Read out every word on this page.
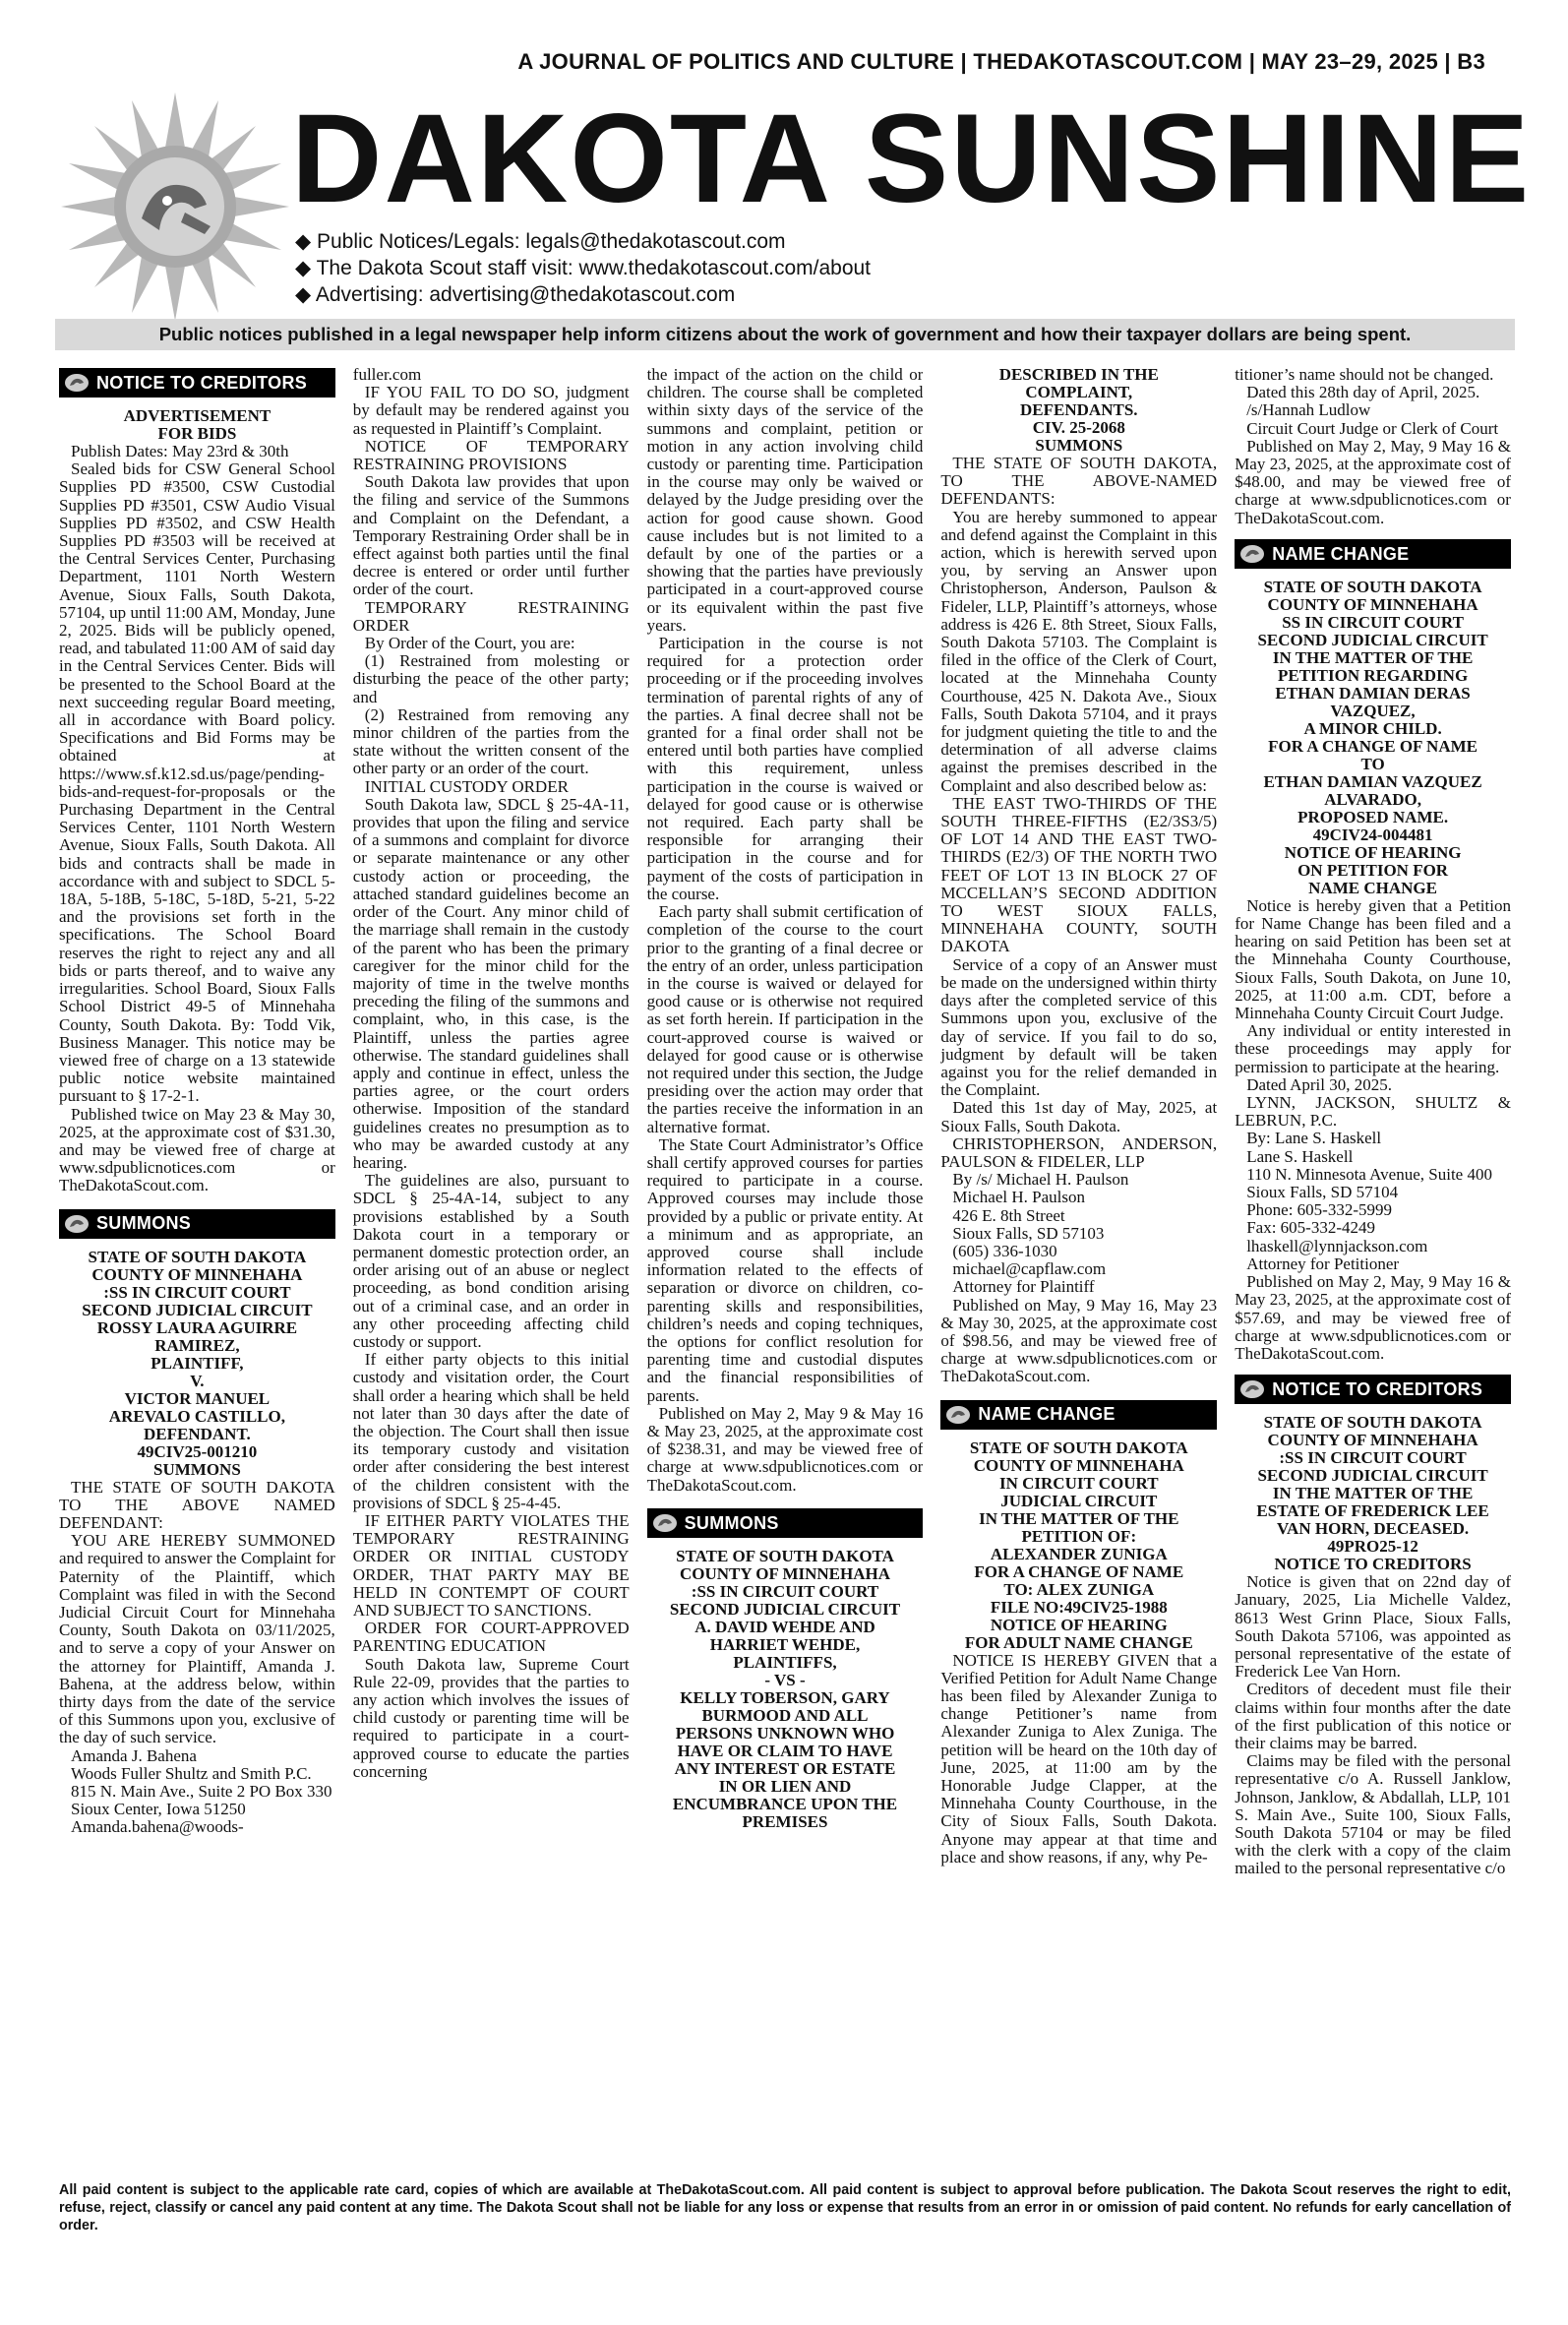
A JOURNAL OF POLITICS AND CULTURE | THEDAKOTASCOUT.COM | MAY 23–29, 2025 | B3
DAKOTA SUNSHINE
◆ Public Notices/Legals: legals@thedakotascout.com
◆ The Dakota Scout staff visit: www.thedakotascout.com/about
◆ Advertising: advertising@thedakotascout.com
Public notices published in a legal newspaper help inform citizens about the work of government and how their taxpayer dollars are being spent.
NOTICE TO CREDITORS

ADVERTISEMENT

FOR BIDS

Publish Dates: May 23rd & 30th

Sealed bids for CSW General School Supplies PD #3500, CSW Custodial Supplies PD #3501, CSW Audio Visual Supplies PD #3502, and CSW Health Supplies PD #3503 will be received at the Central Services Center, Purchasing Department, 1101 North Western Avenue, Sioux Falls, South Dakota, 57104, up until 11:00 AM, Monday, June 2, 2025. Bids will be publicly opened, read, and tabulated 11:00 AM of said day in the Central Services Center. Bids will be presented to the School Board at the next succeeding regular Board meeting, all in accordance with Board policy. Specifications and Bid Forms may be obtained at https://www.sf.k12.sd.us/page/pending-bids-and-request-for-proposals or the Purchasing Department in the Central Services Center, 1101 North Western Avenue, Sioux Falls, South Dakota. All bids and contracts shall be made in accordance with and subject to SDCL 5-18A, 5-18B, 5-18C, 5-18D, 5-21, 5-22 and the provisions set forth in the specifications. The School Board reserves the right to reject any and all bids or parts thereof, and to waive any irregularities. School Board, Sioux Falls School District 49-5 of Minnehaha County, South Dakota. By: Todd Vik, Business Manager. This notice may be viewed free of charge on a 13 statewide public notice website maintained pursuant to § 17-2-1.

Published twice on May 23 & May 30, 2025, at the approximate cost of $31.30, and may be viewed free of charge at www.sdpublicnotices.com or TheDakotaScout.com.

SUMMONS

STATE OF SOUTH DAKOTA

COUNTY OF MINNEHAHA

:SS IN CIRCUIT COURT

SECOND JUDICIAL CIRCUIT

ROSSY LAURA AGUIRRE

RAMIREZ,

PLAINTIFF,

V.

VICTOR MANUEL

AREVALO CASTILLO,

DEFENDANT.

49CIV25-001210

SUMMONS

THE STATE OF SOUTH DAKOTA TO THE ABOVE NAMED DEFENDANT:

YOU ARE HEREBY SUMMONED and required to answer the Complaint for Paternity of the Plaintiff, which Complaint was filed in with the Second Judicial Circuit Court for Minnehaha County, South Dakota on 03/11/2025, and to serve a copy of your Answer on the attorney for Plaintiff, Amanda J. Bahena, at the address below, within thirty days from the date of the service of this Summons upon you, exclusive of the day of such service.

Amanda J. Bahena

Woods Fuller Shultz and Smith P.C.

815 N. Main Ave., Suite 2 PO Box 330

Sioux Center, Iowa 51250

Amanda.bahena@woods-

fuller.com

IF YOU FAIL TO DO SO, judgment by default may be rendered against you as requested in Plaintiff’s Complaint.

NOTICE OF TEMPORARY RESTRAINING PROVISIONS

South Dakota law provides that upon the filing and service of the Summons and Complaint on the Defendant, a Temporary Restraining Order shall be in effect against both parties until the final decree is entered or order until further order of the court.

TEMPORARY RESTRAINING ORDER

By Order of the Court, you are:

(1) Restrained from molesting or disturbing the peace of the other party; and

(2) Restrained from removing any minor children of the parties from the state without the written consent of the other party or an order of the court.

INITIAL CUSTODY ORDER

South Dakota law, SDCL § 25-4A-11, provides that upon the filing and service of a summons and complaint for divorce or separate maintenance or any other custody action or proceeding, the attached standard guidelines become an order of the Court. Any minor child of the marriage shall remain in the custody of the parent who has been the primary caregiver for the minor child for the majority of time in the twelve months preceding the filing of the summons and complaint, who, in this case, is the Plaintiff, unless the parties agree otherwise. The standard guidelines shall apply and continue in effect, unless the parties agree, or the court orders otherwise. Imposition of the standard guidelines creates no presumption as to who may be awarded custody at any hearing.

The guidelines are also, pursuant to SDCL § 25-4A-14, subject to any provisions established by a South Dakota court in a temporary or permanent domestic protection order, an order arising out of an abuse or neglect proceeding, as bond condition arising out of a criminal case, and an order in any other proceeding affecting child custody or support.

If either party objects to this initial custody and visitation order, the Court shall order a hearing which shall be held not later than 30 days after the date of the objection. The Court shall then issue its temporary custody and visitation order after considering the best interest of the children consistent with the provisions of SDCL § 25-4-45.

IF EITHER PARTY VIOLATES THE TEMPORARY RESTRAINING ORDER OR INITIAL CUSTODY ORDER, THAT PARTY MAY BE HELD IN CONTEMPT OF COURT AND SUBJECT TO SANCTIONS.

ORDER FOR COURT-APPROVED PARENTING EDUCATION

South Dakota law, Supreme Court Rule 22-09, provides that the parties to any action which involves the issues of child custody or parenting time will be required to participate in a court-approved course to educate the parties concerning

the impact of the action on the child or children. The course shall be completed within sixty days of the service of the summons and complaint, petition or motion in any action involving child custody or parenting time. Participation in the course may only be waived or delayed by the Judge presiding over the action for good cause shown. Good cause includes but is not limited to a default by one of the parties or a showing that the parties have previously participated in a court-approved course or its equivalent within the past five years.

Participation in the course is not required for a protection order proceeding or if the proceeding involves termination of parental rights of any of the parties. A final decree shall not be granted for a final order shall not be entered until both parties have complied with this requirement, unless participation in the course is waived or delayed for good cause or is otherwise not required. Each party shall be responsible for arranging their participation in the course and for payment of the costs of participation in the course.

Each party shall submit certification of completion of the course to the court prior to the granting of a final decree or the entry of an order, unless participation in the course is waived or delayed for good cause or is otherwise not required as set forth herein. If participation in the court-approved course is waived or delayed for good cause or is otherwise not required under this section, the Judge presiding over the action may order that the parties receive the information in an alternative format.

The State Court Administrator’s Office shall certify approved courses for parties required to participate in a course. Approved courses may include those provided by a public or private entity. At a minimum and as appropriate, an approved course shall include information related to the effects of separation or divorce on children, co-parenting skills and responsibilities, children’s needs and coping techniques, the options for conflict resolution for parenting time and custodial disputes and the financial responsibilities of parents.

Published on May 2, May 9 & May 16 & May 23, 2025, at the approximate cost of $238.31, and may be viewed free of charge at www.sdpublicnotices.com or TheDakotaScout.com.

SUMMONS

STATE OF SOUTH DAKOTA

COUNTY OF MINNEHAHA

:SS IN CIRCUIT COURT

SECOND JUDICIAL CIRCUIT

A. DAVID WEHDE AND

HARRIET WEHDE,

PLAINTIFFS,

- VS -

KELLY TOBERSON, GARY

BURMOOD AND ALL

PERSONS UNKNOWN WHO

HAVE OR CLAIM TO HAVE

ANY INTEREST OR ESTATE

IN OR LIEN AND

ENCUMBRANCE UPON THE

PREMISES

DESCRIBED IN THE

COMPLAINT,

DEFENDANTS.

CIV. 25-2068

SUMMONS

THE STATE OF SOUTH DAKOTA, TO THE ABOVE-NAMED DEFENDANTS:

You are hereby summoned to appear and defend against the Complaint in this action, which is herewith served upon you, by serving an Answer upon Christopherson, Anderson, Paulson & Fideler, LLP, Plaintiff’s attorneys, whose address is 426 E. 8th Street, Sioux Falls, South Dakota 57103. The Complaint is filed in the office of the Clerk of Court, located at the Minnehaha County Courthouse, 425 N. Dakota Ave., Sioux Falls, South Dakota 57104, and it prays for judgment quieting the title to and the determination of all adverse claims against the premises described in the Complaint and also described below as:

THE EAST TWO-THIRDS OF THE SOUTH THREE-FIFTHS (E2/3S3/5) OF LOT 14 AND THE EAST TWO-THIRDS (E2/3) OF THE NORTH TWO FEET OF LOT 13 IN BLOCK 27 OF MCCELLAN’S SECOND ADDITION TO WEST SIOUX FALLS, MINNEHAHA COUNTY, SOUTH DAKOTA

Service of a copy of an Answer must be made on the undersigned within thirty days after the completed service of this Summons upon you, exclusive of the day of service. If you fail to do so, judgment by default will be taken against you for the relief demanded in the Complaint.

Dated this 1st day of May, 2025, at Sioux Falls, South Dakota.

CHRISTOPHERSON, ANDERSON, PAULSON & FIDELER, LLP

By /s/ Michael H. Paulson

Michael H. Paulson

426 E. 8th Street

Sioux Falls, SD 57103

(605) 336-1030

michael@capflaw.com

Attorney for Plaintiff

Published on May, 9 May 16, May 23 & May 30, 2025, at the approximate cost of $98.56, and may be viewed free of charge at www.sdpublicnotices.com or TheDakotaScout.com.

NAME CHANGE

STATE OF SOUTH DAKOTA

COUNTY OF MINNEHAHA

IN CIRCUIT COURT

JUDICIAL CIRCUIT

IN THE MATTER OF THE

PETITION OF:

ALEXANDER ZUNIGA

FOR A CHANGE OF NAME

TO: ALEX ZUNIGA

FILE NO:49CIV25-1988

NOTICE OF HEARING

FOR ADULT NAME CHANGE

NOTICE IS HEREBY GIVEN that a Verified Petition for Adult Name Change has been filed by Alexander Zuniga to change Petitioner’s name from Alexander Zuniga to Alex Zuniga. The petition will be heard on the 10th day of June, 2025, at 11:00 am by the Honorable Judge Clapper, at the Minnehaha County Courthouse, in the City of Sioux Falls, South Dakota. Anyone may appear at that time and place and show reasons, if any, why Pe-

titioner’s name should not be changed.

Dated this 28th day of April, 2025.

/s/Hannah Ludlow

Circuit Court Judge or Clerk of Court

Published on May 2, May, 9 May 16 & May 23, 2025, at the approximate cost of $48.00, and may be viewed free of charge at www.sdpublicnotices.com or TheDakotaScout.com.

NAME CHANGE

STATE OF SOUTH DAKOTA

COUNTY OF MINNEHAHA

SS IN CIRCUIT COURT

SECOND JUDICIAL CIRCUIT

IN THE MATTER OF THE

PETITION REGARDING

ETHAN DAMIAN DERAS

VAZQUEZ,

A MINOR CHILD.

FOR A CHANGE OF NAME

TO

ETHAN DAMIAN VAZQUEZ

ALVARADO,

PROPOSED NAME.

49CIV24-004481

NOTICE OF HEARING

ON PETITION FOR

NAME CHANGE

Notice is hereby given that a Petition for Name Change has been filed and a hearing on said Petition has been set at the Minnehaha County Courthouse, Sioux Falls, South Dakota, on June 10, 2025, at 11:00 a.m. CDT, before a Minnehaha County Circuit Court Judge.

Any individual or entity interested in these proceedings may apply for permission to participate at the hearing.

Dated April 30, 2025.

LYNN, JACKSON, SHULTZ & LEBRUN, P.C.

By: Lane S. Haskell

Lane S. Haskell

110 N. Minnesota Avenue, Suite 400

Sioux Falls, SD 57104

Phone: 605-332-5999

Fax: 605-332-4249

lhaskell@lynnjackson.com

Attorney for Petitioner

Published on May 2, May, 9 May 16 & May 23, 2025, at the approximate cost of $57.69, and may be viewed free of charge at www.sdpublicnotices.com or TheDakotaScout.com.

NOTICE TO CREDITORS

STATE OF SOUTH DAKOTA

COUNTY OF MINNEHAHA

:SS IN CIRCUIT COURT

SECOND JUDICIAL CIRCUIT

IN THE MATTER OF THE

ESTATE OF FREDERICK LEE

VAN HORN, DECEASED.

49PRO25-12

NOTICE TO CREDITORS

Notice is given that on 22nd day of January, 2025, Lia Michelle Valdez, 8613 West Grinn Place, Sioux Falls, South Dakota 57106, was appointed as personal representative of the estate of Frederick Lee Van Horn.

Creditors of decedent must file their claims within four months after the date of the first publication of this notice or their claims may be barred.

Claims may be filed with the personal representative c/o A. Russell Janklow, Johnson, Janklow, & Abdallah, LLP, 101 S. Main Ave., Suite 100, Sioux Falls, South Dakota 57104 or may be filed with the clerk with a copy of the claim mailed to the personal representative c/o

All paid content is subject to the applicable rate card, copies of which are available at TheDakotaScout.com. All paid content is subject to approval before publication. The Dakota Scout reserves the right to edit, refuse, reject, classify or cancel any paid content at any time. The Dakota Scout shall not be liable for any loss or expense that results from an error in or omission of paid content. No refunds for early cancellation of order.
